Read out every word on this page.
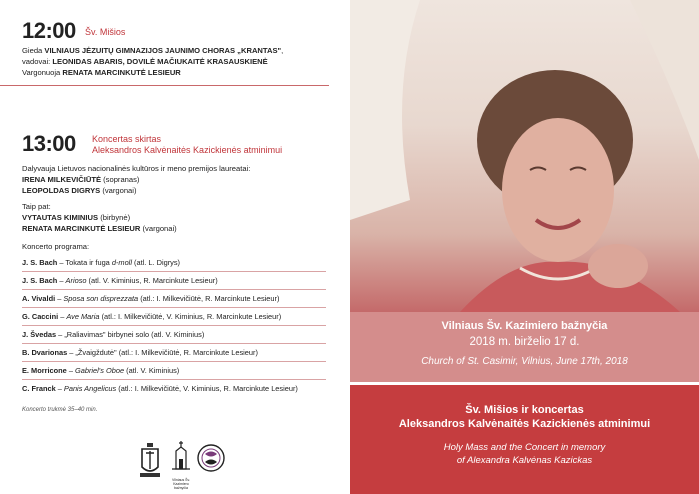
12:00 Šv. Mišios
Gieda VILNIAUS JĖZUITŲ GIMNAZIJOS JAUNIMO CHORAS „KRANTAS",
vadovai: LEONIDAS ABARIS, DOVILĖ MAČIUKAITĖ KRASAUSKIENĖ
Vargonuoja RENATA MARCINKUTĖ LESIEUR
13:00 Koncertas skirtas
Aleksandros Kalvėnaitės Kazickienės atminimui
Dalyvauja Lietuvos nacionalinės kultūros ir meno premijos laureatai:
IRENA MILKEVIČIŪTĖ (sopranas)
LEOPOLDAS DIGRYS (vargonai)
Taip pat:
VYTAUTAS KIMINIUS (birbynė)
RENATA MARCINKUTĖ LESIEUR (vargonai)
Koncerto programa:
J. S. Bach – Tokata ir fuga d-moll (atl. L. Digrys)
J. S. Bach – Arioso (atl. V. Kiminius, R. Marcinkute Lesieur)
A. Vivaldi – Sposa son disprezzata (atl.: I. Milkevičiūtė, R. Marcinkute Lesieur)
G. Caccini – Ave Maria (atl.: I. Milkevičiūtė, V. Kiminius, R. Marcinkute Lesieur)
J. Švedas – „Raliavimas" birbynei solo (atl. V. Kiminius)
B. Dvarionas – „Žvaigždutė" (atl.: I. Milkevičiūtė, R. Marcinkute Lesieur)
E. Morricone – Gabriel's Oboe (atl. V. Kiminius)
C. Franck – Panis Angelicus (atl.: I. Milkevičiūtė, V. Kiminius, R. Marcinkute Lesieur)
Koncerto trukmė 35–40 min.
Vilniaus Šv. Kazimiero bažnyčia
Vilniaus Šv. Kazimiero bažnyčia
2018 m. birželio 17 d.
Church of St. Casimir, Vilnius, June 17th, 2018
Šv. Mišios ir koncertas
Aleksandros Kalvėnaitės Kazickienės atminimui
Holy Mass and the Concert in memory
of Alexandra Kalvėnas Kazickas
